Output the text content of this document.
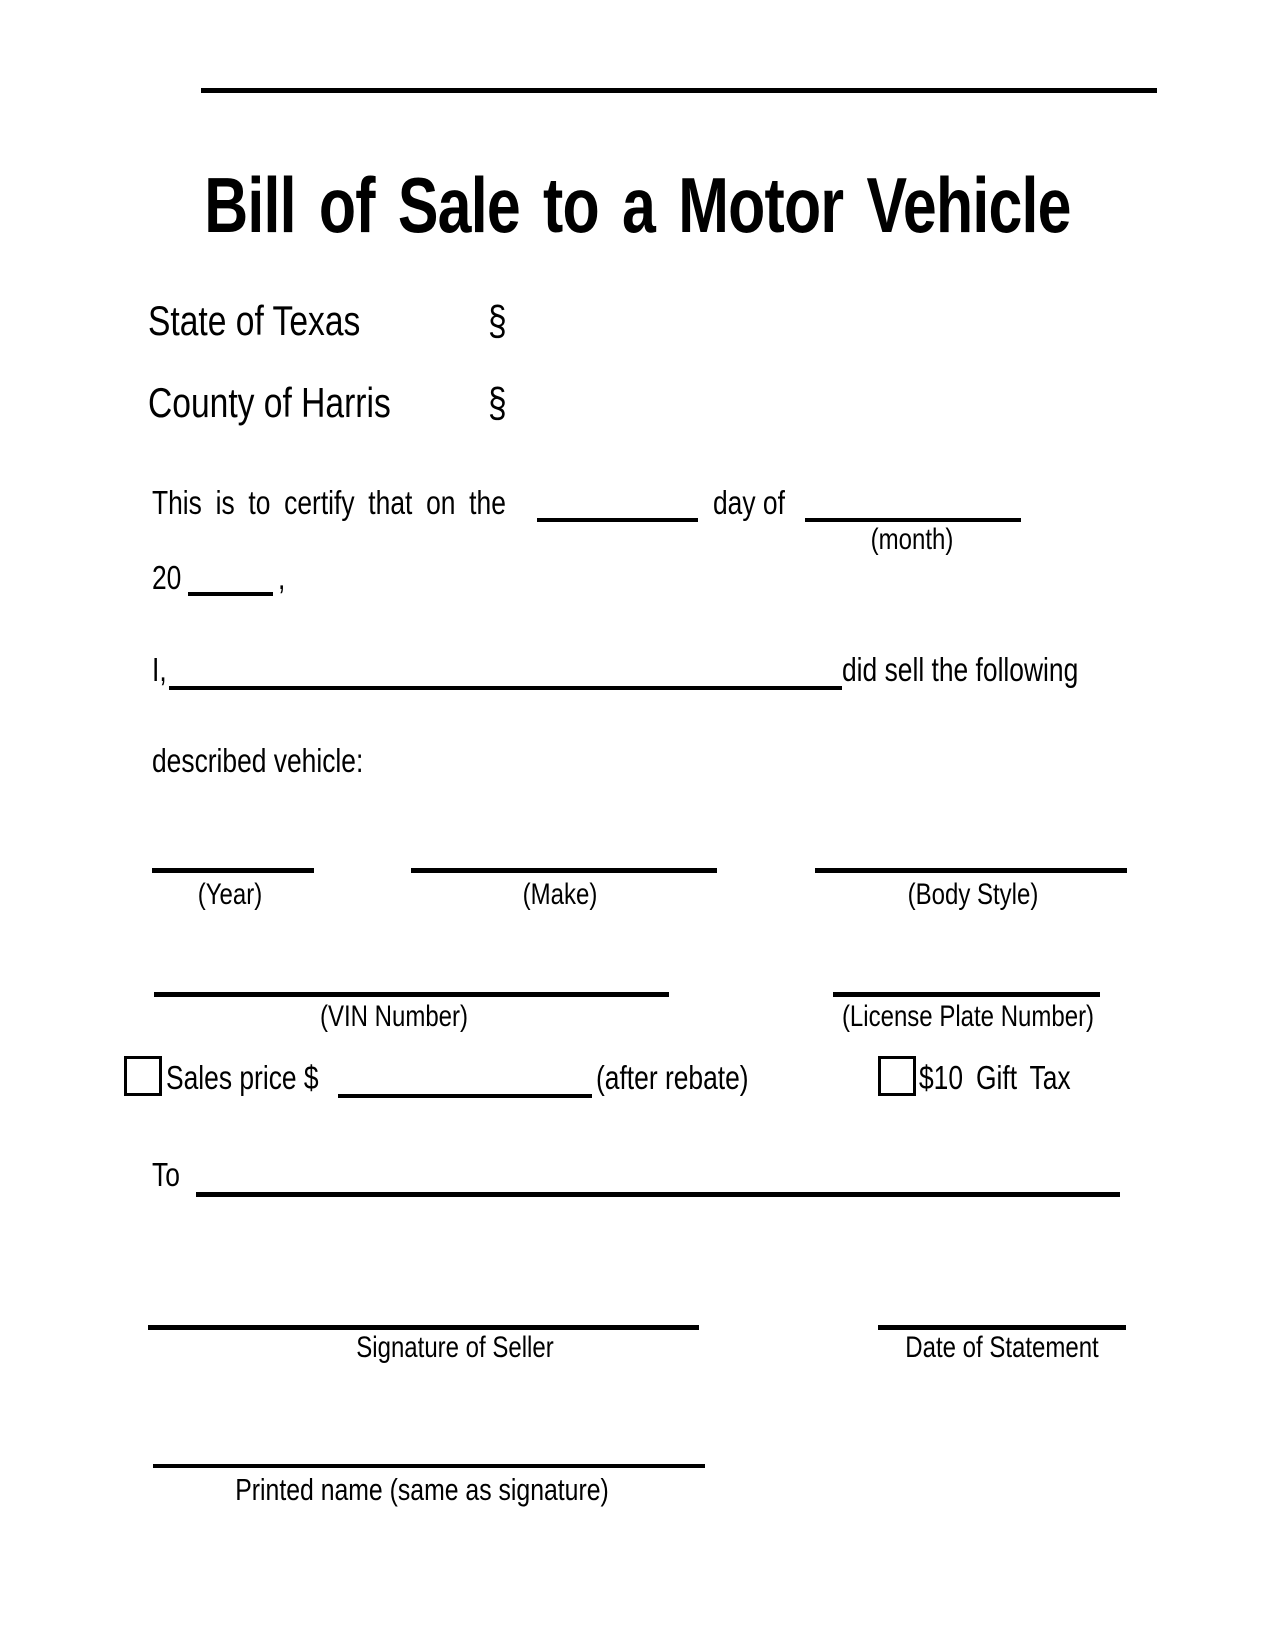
Bill of Sale to a Motor Vehicle
State of Texas	§
County of Harris §
This is to certify that on the	day of
(month)
20	,
I,	did sell the following
described vehicle:
(Year)	(Make)	(Body Style)
(VIN Number)	(License Plate Number)
Sales price $	(after rebate)	$10 Gift Tax
To
Signature of Seller	Date of Statement
Printed name (same as signature)
